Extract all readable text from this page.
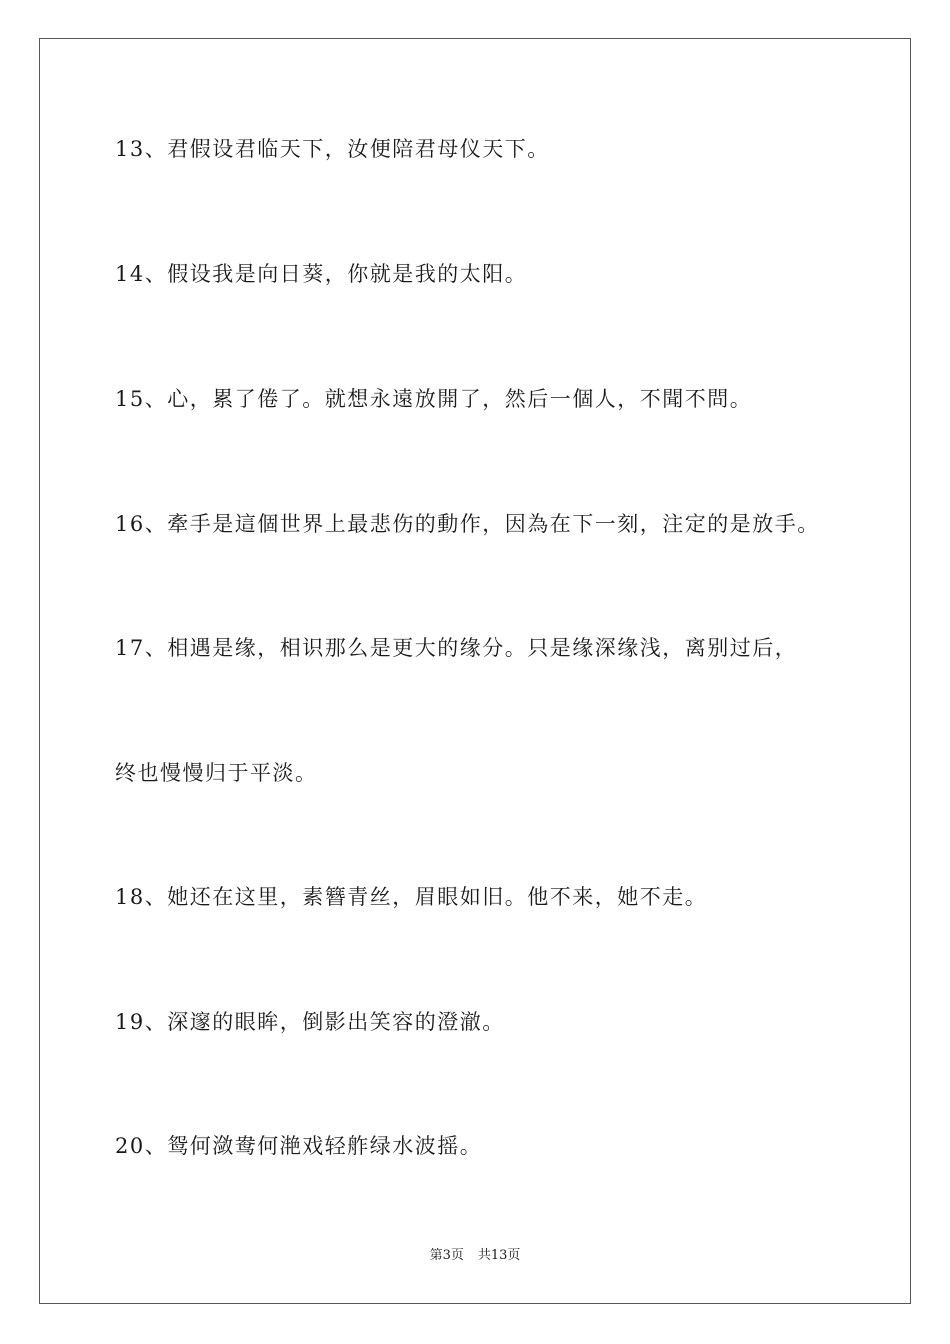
13、君假设君临天下，汝便陪君母仪天下。
14、假设我是向日葵，你就是我的太阳。
15、心，累了倦了。就想永遠放開了，然后一個人，不聞不問。
16、牽手是這個世界上最悲伤的動作，因為在下一刻，注定的是放手。
17、相遇是缘，相识那么是更大的缘分。只是缘深缘浅，离别过后，
终也慢慢归于平淡。
18、她还在这里，素簪青丝，眉眼如旧。他不来，她不走。
19、深邃的眼眸，倒影出笑容的澄澈。
20、鸳何潋鸯何滟戏轻舴绿水波摇。
第3页 共13页
